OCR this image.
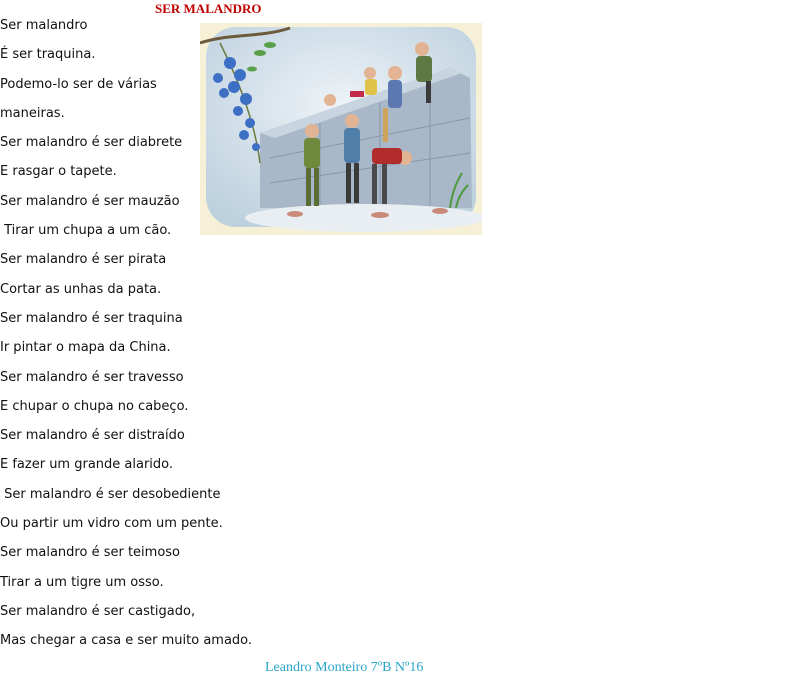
SER MALANDRO
Ser malandro
É ser traquina.
Podemo-lo ser de várias
maneiras.
Ser malandro é ser diabrete
E rasgar o tapete.
Ser malandro é ser mauzão
Tirar um chupa a um cão.
Ser malandro é ser pirata
Cortar as unhas da pata.
Ser malandro é ser traquina
Ir pintar o mapa da China.
Ser malandro é ser travesso
E chupar o chupa no cabeço.
Ser malandro é ser distraído
E fazer um grande alarido.
Ser malandro é ser desobediente
Ou partir um vidro com um pente.
Ser malandro é ser teimoso
Tirar a um tigre um osso.
Ser malandro é ser castigado,
Mas chegar a casa e ser muito amado.
Leandro Monteiro 7ºB Nº16
